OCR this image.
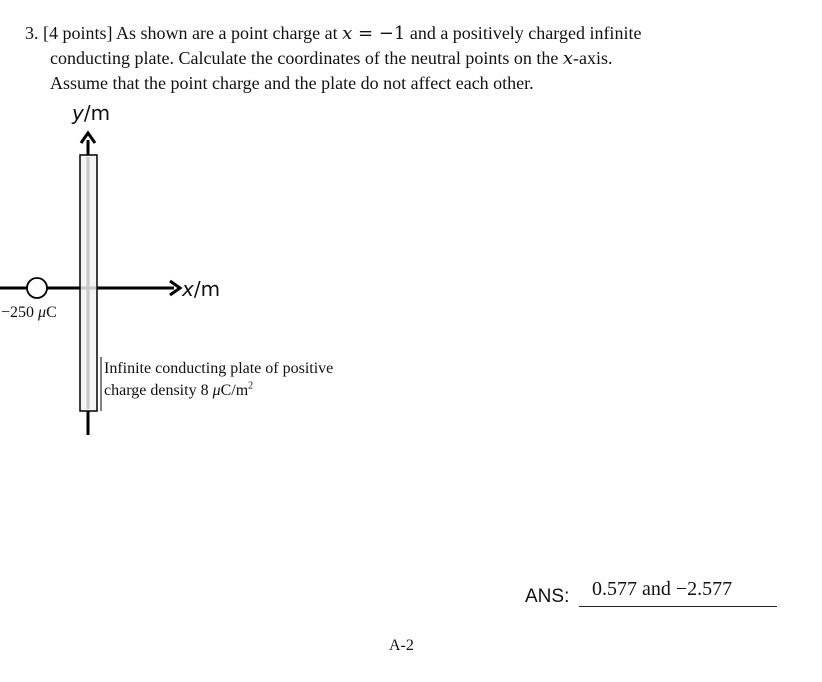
3. [4 points] As shown are a point charge at x = −1 and a positively charged infinite
conducting plate. Calculate the coordinates of the neutral points on the x-axis.
Assume that the point charge and the plate do not affect each other.
y/m
x/m
−250 μC
Infinite conducting plate of positive
charge density 8 $\mu C/m^2$
ANS: 0.577 and −2.577
A-2
